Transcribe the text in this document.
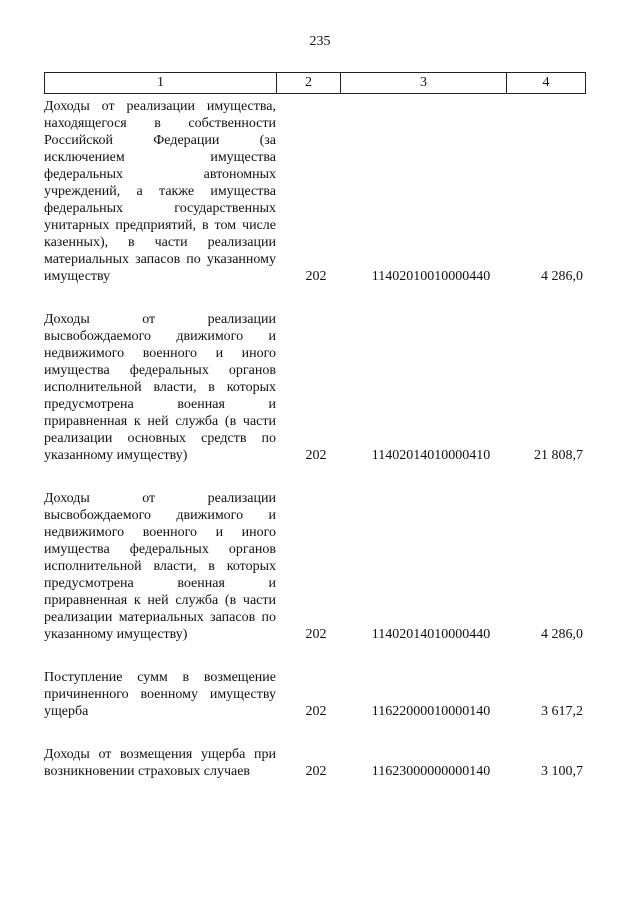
235
1	2	3	4
Доходы от реализации имущества, находящегося в собственности Российской Федерации (за исключением имущества федеральных автономных учреждений, а также имущества федеральных государственных унитарных предприятий, в том числе казенных), в части реализации материальных запасов по указанному имуществу	202	11402010010000440	4 286,0
Доходы от реализации высвобождаемого движимого и недвижимого военного и иного имущества федеральных органов исполнительной власти, в которых предусмотрена военная и приравненная к ней служба (в части реализации основных средств по указанному имуществу)	202	11402014010000410	21 808,7
Доходы от реализации высвобождаемого движимого и недвижимого военного и иного имущества федеральных органов исполнительной власти, в которых предусмотрена военная и приравненная к ней служба (в части реализации материальных запасов по указанному имуществу)	202	11402014010000440	4 286,0
Поступление сумм в возмещение причиненного военному имуществу ущерба	202	11622000010000140	3 617,2
Доходы от возмещения ущерба при возникновении страховых случаев	202	11623000000000140	3 100,7
